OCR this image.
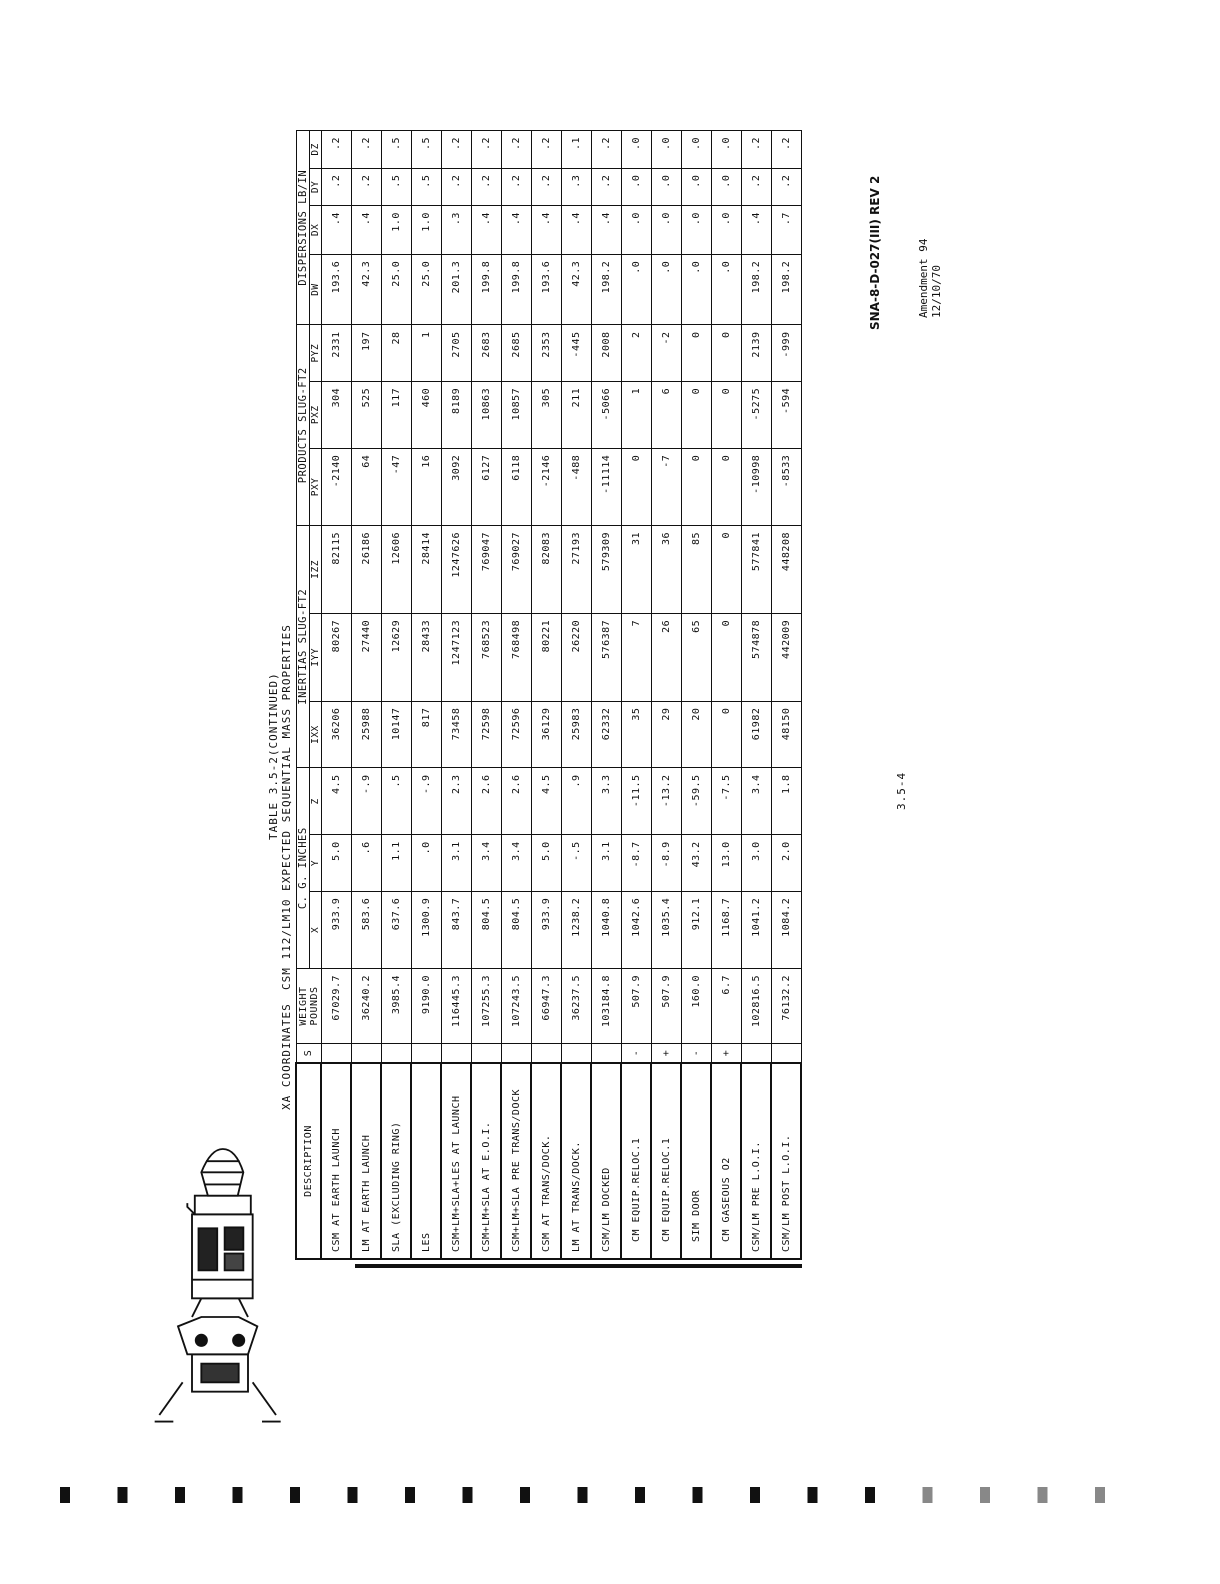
XA COORDINATES
TABLE 3.5-2(CONTINUED) CSM 112/LM10 EXPECTED SEQUENTIAL MASS PROPERTIES
DESCRIPTION	S	WEIGHT
POUNDS	C. G. INCHES			INERTIAS SLUG-FT2			PRODUCTS SLUG-FT2			DISPERSIONS LB/IN			
			X	Y	Z	IXX	IYY	IZZ	PXY	PXZ	PYZ	DW	DX	DY	DZ
CSM AT EARTH LAUNCH		67029.7	933.9	5.0	4.5	36206	80267	82115	-2140	304	2331	193.6	.4	.2	.2
LM AT EARTH LAUNCH		36240.2	583.6	.6	-.9	25988	27440	26186	64	525	197	42.3	.4	.2	.2
SLA (EXCLUDING RING)		3985.4	637.6	1.1	.5	10147	12629	12606	-47	117	28	25.0	1.0	.5	.5
LES		9190.0	1300.9	.0	-.9	817	28433	28414	16	460	1	25.0	1.0	.5	.5
CSM+LM+SLA+LES AT LAUNCH		116445.3	843.7	3.1	2.3	73458	1247123	1247626	3092	8189	2705	201.3	.3	.2	.2
CSM+LM+SLA AT E.O.I.		107255.3	804.5	3.4	2.6	72598	768523	769047	6127	10863	2683	199.8	.4	.2	.2
CSM+LM+SLA PRE TRANS/DOCK		107243.5	804.5	3.4	2.6	72596	768498	769027	6118	10857	2685	199.8	.4	.2	.2
CSM AT TRANS/DOCK.		66947.3	933.9	5.0	4.5	36129	80221	82083	-2146	305	2353	193.6	.4	.2	.2
LM AT TRANS/DOCK.		36237.5	1238.2	-.5	.9	25983	26220	27193	-488	211	-445	42.3	.4	.3	.1
CSM/LM DOCKED		103184.8	1040.8	3.1	3.3	62332	576387	579309	-11114	-5066	2008	198.2	.4	.2	.2
CM EQUIP.RELOC.1	-	507.9	1042.6	-8.7	-11.5	35	7	31	0	1	2	.0	.0	.0	.0
CM EQUIP.RELOC.1	+	507.9	1035.4	-8.9	-13.2	29	26	36	-7	6	-2	.0	.0	.0	.0
SIM DOOR	-	160.0	912.1	43.2	-59.5	20	65	85	0	0	0	.0	.0	.0	.0
CM GASEOUS O2	+	6.7	1168.7	13.0	-7.5	0	0	0	0	0	0	.0	.0	.0	.0
CSM/LM PRE L.O.I.		102816.5	1041.2	3.0	3.4	61982	574878	577841	-10998	-5275	2139	198.2	.4	.2	.2
CSM/LM POST L.O.I.		76132.2	1084.2	2.0	1.8	48150	442009	448208	-8533	-594	-999	198.2	.7	.2	.2
3.5-4
Amendment 94 12/10/70
SNA-8-D-027(III) REV 2
